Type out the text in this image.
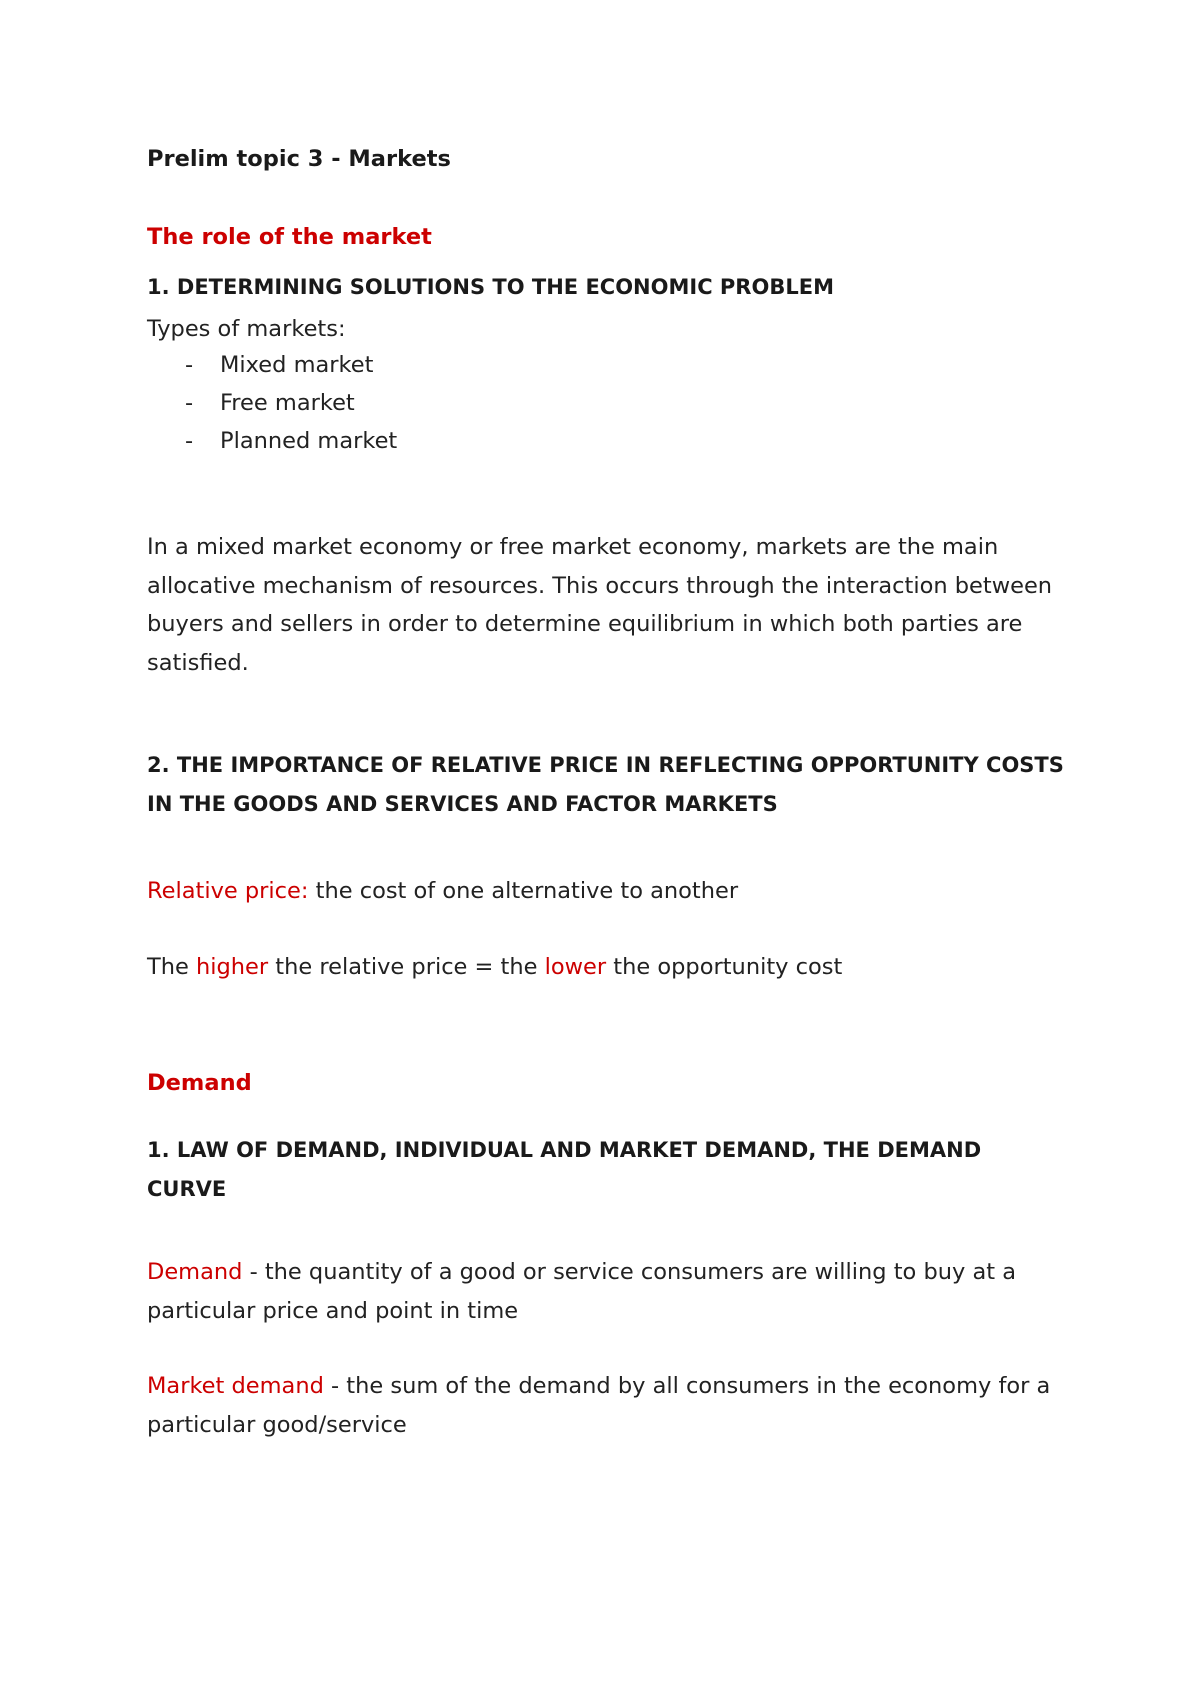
Prelim topic 3 - Markets
The role of the market
1. DETERMINING SOLUTIONS TO THE ECONOMIC PROBLEM
Types of markets:
- Mixed market
- Free market
- Planned market
In a mixed market economy or free market economy, markets are the main allocative mechanism of resources. This occurs through the interaction between buyers and sellers in order to determine equilibrium in which both parties are satisfied.
2. THE IMPORTANCE OF RELATIVE PRICE IN REFLECTING OPPORTUNITY COSTS IN THE GOODS AND SERVICES AND FACTOR MARKETS
Relative price: the cost of one alternative to another
The higher the relative price = the lower the opportunity cost
Demand
1. LAW OF DEMAND, INDIVIDUAL AND MARKET DEMAND, THE DEMAND CURVE
Demand - the quantity of a good or service consumers are willing to buy at a particular price and point in time
Market demand - the sum of the demand by all consumers in the economy for a particular good/service
